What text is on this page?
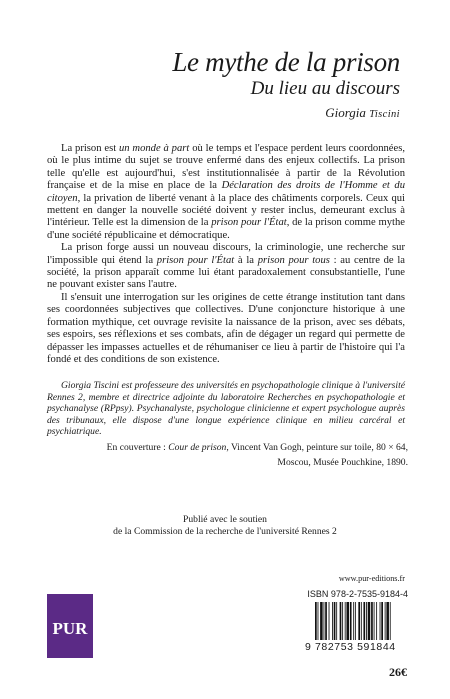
Le mythe de la prison
Du lieu au discours
Giorgia Tiscini

La prison est un monde à part où le temps et l'espace perdent leurs coordonnées, où le plus intime du sujet se trouve enfermé dans des enjeux collectifs. La prison telle qu'elle est aujourd'hui, s'est institutionnalisée à partir de la Révolution française et de la mise en place de la Déclaration des droits de l'Homme et du citoyen, la privation de liberté venant à la place des châtiments corporels. Ceux qui mettent en danger la nouvelle société doivent y rester inclus, demeurant exclus à l'intérieur. Telle est la dimension de la prison pour l'État, de la prison comme mythe d'une société républicaine et démocratique.

La prison forge aussi un nouveau discours, la criminologie, une recherche sur l'impossible qui étend la prison pour l'État à la prison pour tous : au centre de la société, la prison apparaît comme lui étant paradoxalement consubstantielle, l'une ne pouvant exister sans l'autre.

Il s'ensuit une interrogation sur les origines de cette étrange institution tant dans ses coordonnées subjectives que collectives. D'une conjoncture historique à une formation mythique, cet ouvrage revisite la naissance de la prison, avec ses débats, ses espoirs, ses réflexions et ses combats, afin de dégager un regard qui permette de dépasser les impasses actuelles et de réhumaniser ce lieu à partir de l'histoire qui l'a fondé et des conditions de son existence.

Giorgia Tiscini est professeure des universités en psychopathologie clinique à l'université Rennes 2, membre et directrice adjointe du laboratoire Recherches en psychopathologie et psychanalyse (RPpsy). Psychanalyste, psychologue clinicienne et expert psychologue auprès des tribunaux, elle dispose d'une longue expérience clinique en milieu carcéral et psychiatrique.

En couverture : Cour de prison, Vincent Van Gogh, peinture sur toile, 80 × 64,
Moscou, Musée Pouchkine, 1890.

Publié avec le soutien
de la Commission de la recherche de l'université Rennes 2

www.pur-editions.fr
PUR
ISBN 978-2-7535-9184-4
9 782753 591844
26€
